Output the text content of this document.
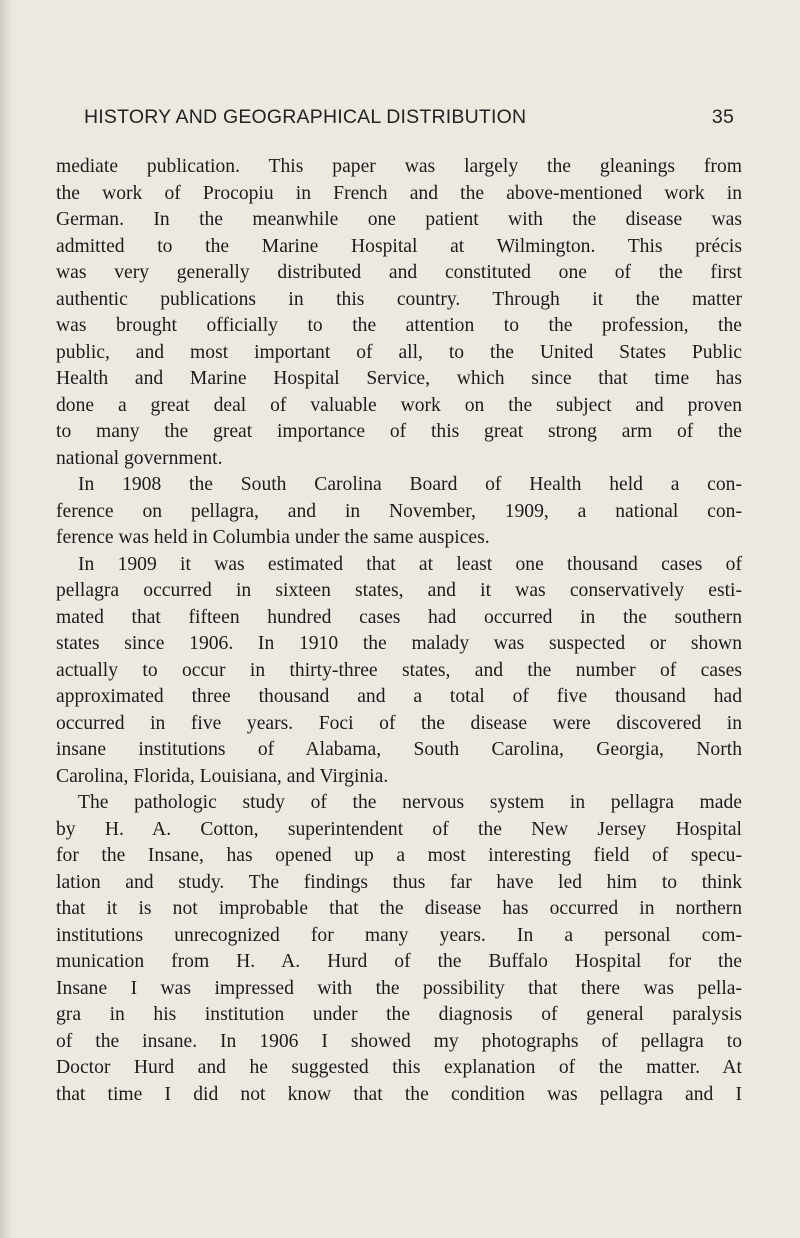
HISTORY AND GEOGRAPHICAL DISTRIBUTION	35
mediate publication. This paper was largely the gleanings from
the work of Procopiu in French and the above-mentioned work in
German. In the meanwhile one patient with the disease was
admitted to the Marine Hospital at Wilmington. This précis
was very generally distributed and constituted one of the first
authentic publications in this country. Through it the matter
was brought officially to the attention to the profession, the
public, and most important of all, to the United States Public
Health and Marine Hospital Service, which since that time has
done a great deal of valuable work on the subject and proven
to many the great importance of this great strong arm of the
national government.
In 1908 the South Carolina Board of Health held a con-
ference on pellagra, and in November, 1909, a national con-
ference was held in Columbia under the same auspices.
In 1909 it was estimated that at least one thousand cases of
pellagra occurred in sixteen states, and it was conservatively esti-
mated that fifteen hundred cases had occurred in the southern
states since 1906. In 1910 the malady was suspected or shown
actually to occur in thirty-three states, and the number of cases
approximated three thousand and a total of five thousand had
occurred in five years. Foci of the disease were discovered in
insane institutions of Alabama, South Carolina, Georgia, North
Carolina, Florida, Louisiana, and Virginia.
The pathologic study of the nervous system in pellagra made
by H. A. Cotton, superintendent of the New Jersey Hospital
for the Insane, has opened up a most interesting field of specu-
lation and study. The findings thus far have led him to think
that it is not improbable that the disease has occurred in northern
institutions unrecognized for many years. In a personal com-
munication from H. A. Hurd of the Buffalo Hospital for the
Insane I was impressed with the possibility that there was pella-
gra in his institution under the diagnosis of general paralysis
of the insane. In 1906 I showed my photographs of pellagra to
Doctor Hurd and he suggested this explanation of the matter. At
that time I did not know that the condition was pellagra and I
